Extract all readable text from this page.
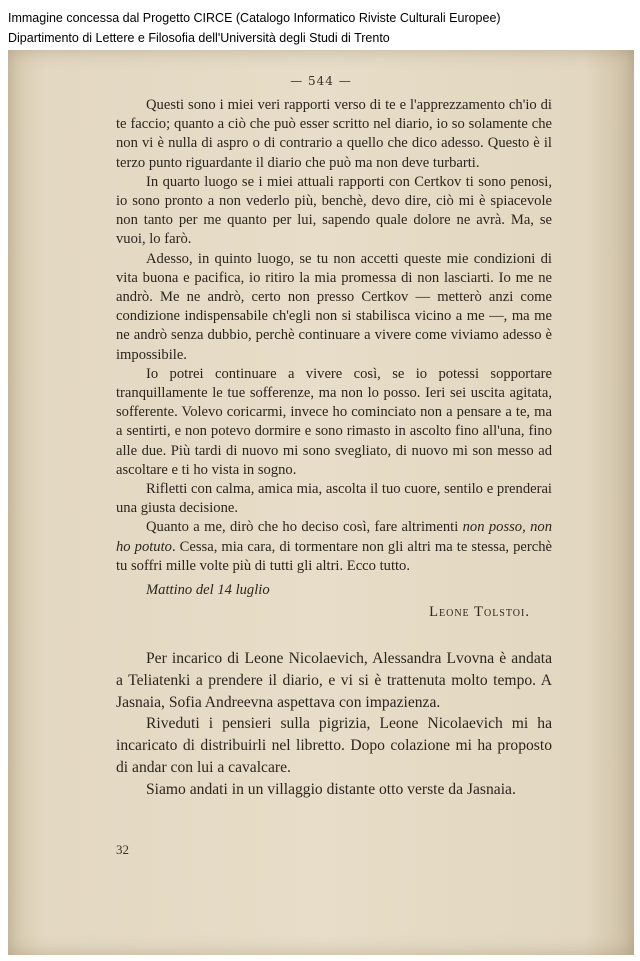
Immagine concessa dal Progetto CIRCE (Catalogo Informatico Riviste Culturali Europee)
Dipartimento di Lettere e Filosofia dell'Università degli Studi di Trento
— 544 —

Questi sono i miei veri rapporti verso di te e l'apprezzamento ch'io di te faccio; quanto a ciò che può esser scritto nel diario, io so solamente che non vi è nulla di aspro o di contrario a quello che dico adesso. Questo è il terzo punto riguardante il diario che può ma non deve turbarti.

In quarto luogo se i miei attuali rapporti con Certkov ti sono penosi, io sono pronto a non vederlo più, benchè, devo dire, ciò mi è spiacevole non tanto per me quanto per lui, sapendo quale dolore ne avrà. Ma, se vuoi, lo farò.

Adesso, in quinto luogo, se tu non accetti queste mie condizioni di vita buona e pacifica, io ritiro la mia promessa di non lasciarti. Io me ne andrò. Me ne andrò, certo non presso Certkov — metterò anzi come condizione indispensabile ch'egli non si stabilisca vicino a me —, ma me ne andrò senza dubbio, perchè continuare a vivere come viviamo adesso è impossibile.

Io potrei continuare a vivere così, se io potessi sopportare tranquillamente le tue sofferenze, ma non lo posso. Ieri sei uscita agitata, sofferente. Volevo coricarmi, invece ho cominciato non a pensare a te, ma a sentirti, e non potevo dormire e sono rimasto in ascolto fino all'una, fino alle due. Più tardi di nuovo mi sono svegliato, di nuovo mi son messo ad ascoltare e ti ho vista in sogno.

Rifletti con calma, amica mia, ascolta il tuo cuore, sentilo e prenderai una giusta decisione.

Quanto a me, dirò che ho deciso così, fare altrimenti non posso, non ho potuto. Cessa, mia cara, di tormentare non gli altri ma te stessa, perchè tu soffri mille volte più di tutti gli altri. Ecco tutto.

Mattino del 14 luglio
Leone Tolstoi.

Per incarico di Leone Nicolaevich, Alessandra Lvovna è andata a Teliatenki a prendere il diario, e vi si è trattenuta molto tempo. A Jasnaia, Sofia Andreevna aspettava con impazienza.

Riveduti i pensieri sulla pigrizia, Leone Nicolaevich mi ha incaricato di distribuirli nel libretto. Dopo colazione mi ha proposto di andar con lui a cavalcare.

Siamo andati in un villaggio distante otto verste da Jasnaia.

32
